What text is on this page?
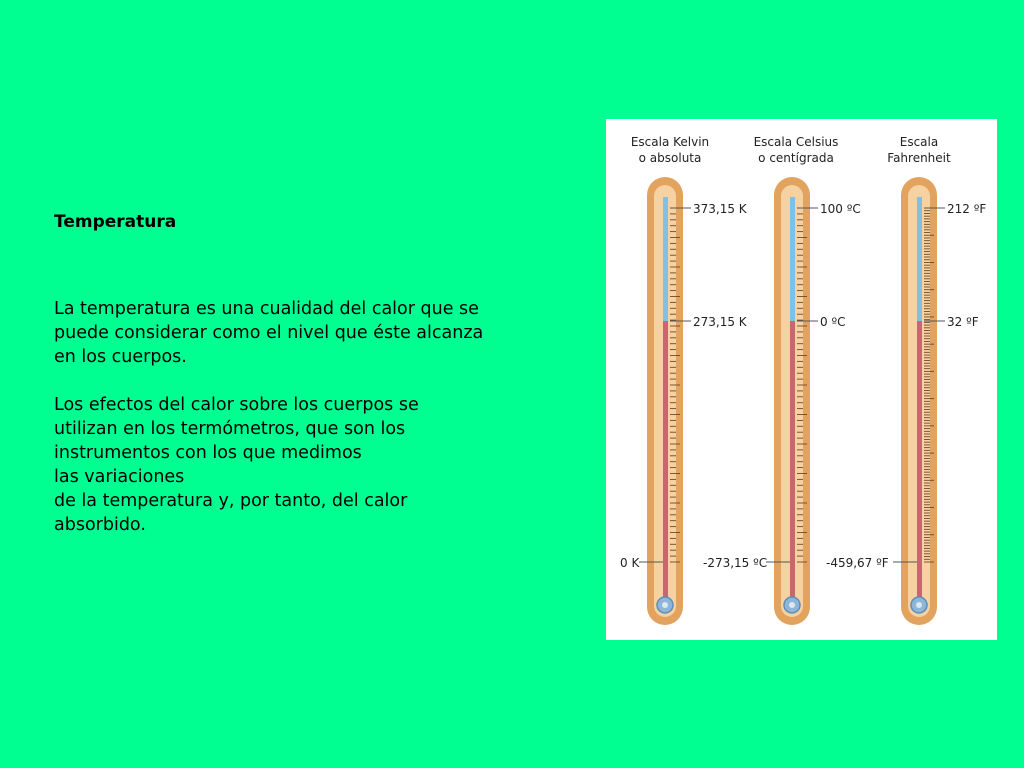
Temperatura

La temperatura es una cualidad del calor que se
puede considerar como el nivel que éste alcanza
en los cuerpos.

Los efectos del calor sobre los cuerpos se
utilizan en los termómetros, que son los
instrumentos con los que medimos
las variaciones
de la temperatura y, por tanto, del calor
absorbido.

Escala Kelvin
o absoluta
Escala Celsius
o centígrada
Escala
Fahrenheit
373,15 K
273,15 K
0 K
100 ºC
0 ºC
-273,15 ºC
212 ºF
32 ºF
-459,67 ºF
